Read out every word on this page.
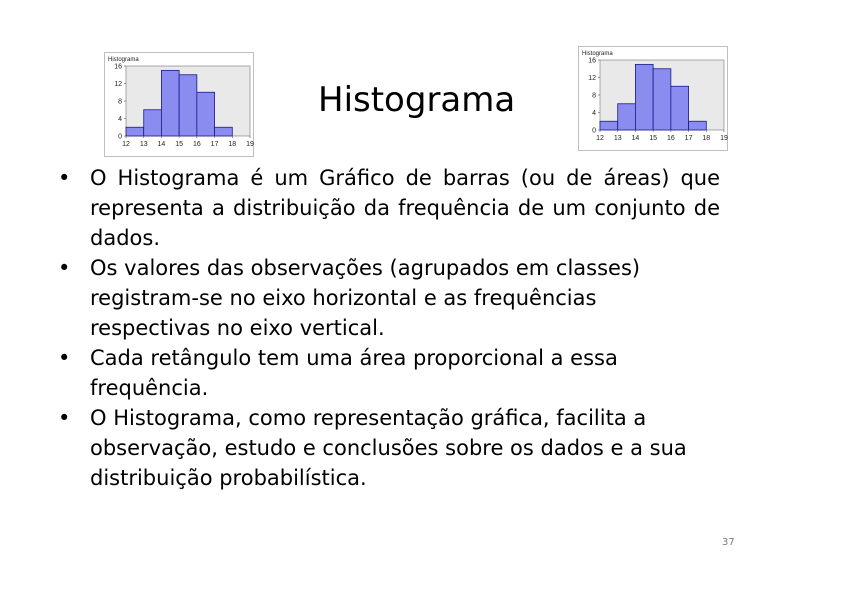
Histograma
Histograma
0
4
8
12
16
12 13 14 15 16 17 18 19
Histograma
0
4
8
12
16
12 13 14 15 16 17 18 19
• O Histograma é um Gráfico de barras (ou de áreas) que representa a distribuição da frequência de um conjunto de dados.
• Os valores das observações (agrupados em classes) registram-se no eixo horizontal e as frequências respectivas no eixo vertical.
• Cada retângulo tem uma área proporcional a essa frequência.
• O Histograma, como representação gráfica, facilita a observação, estudo e conclusões sobre os dados e a sua distribuição probabilística.
37
